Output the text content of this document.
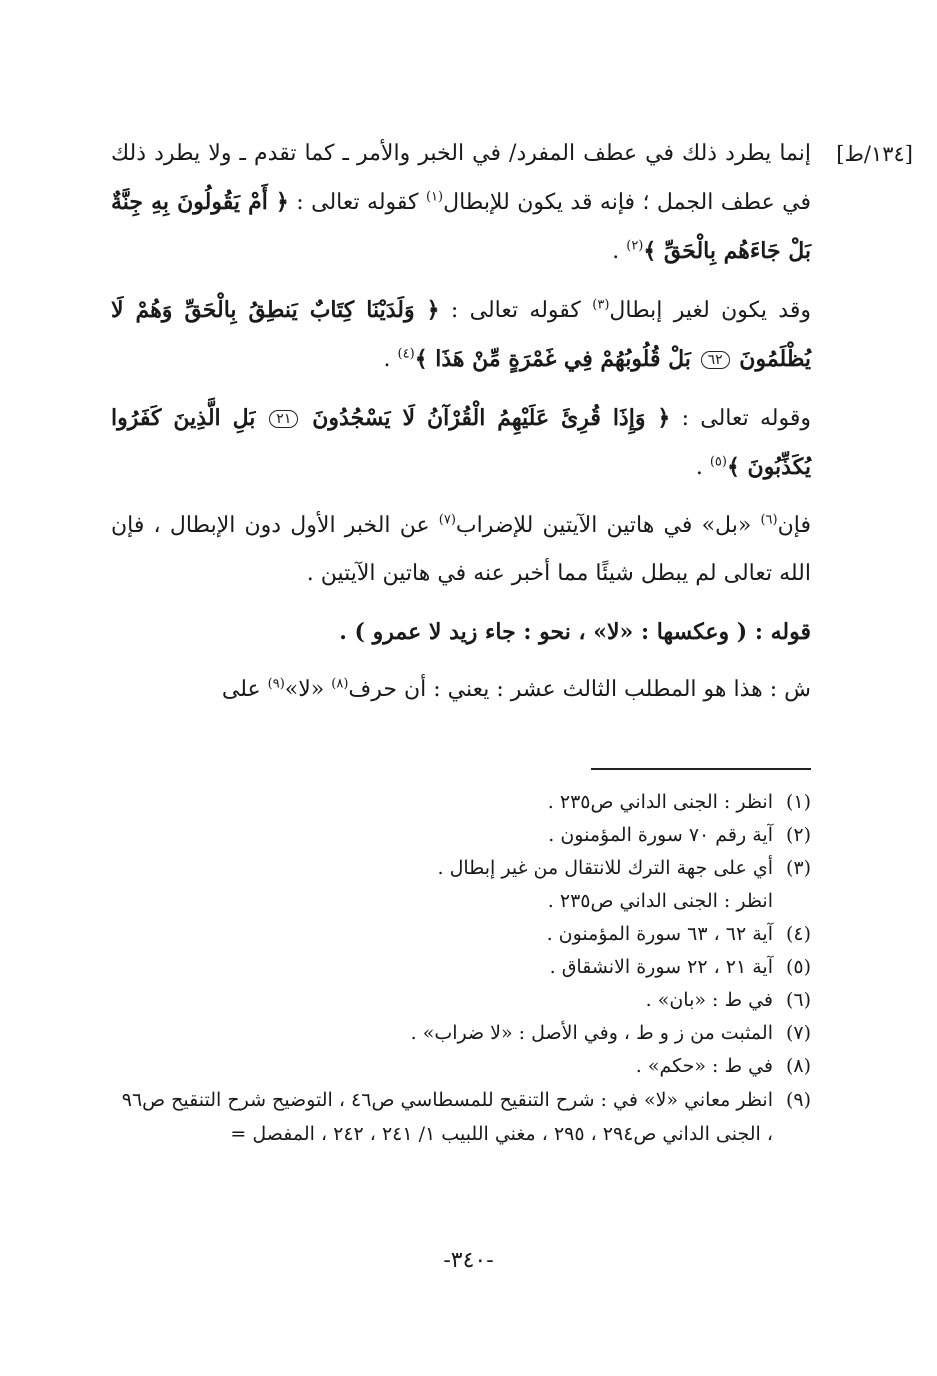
[١٣٤/ط]
إنما يطرد ذلك في عطف المفرد/ في الخبر والأمر ـ كما تقدم ـ ولا يطرد ذلك في عطف الجمل ؛ فإنه قد يكون للإبطال$^{(١)}$ كقوله تعالى : ﴿ أَمْ يَقُولُونَ بِهِ جِنَّةٌ بَلْ جَاءَهُم بِالْحَقِّ ﴾$^{(٢)}$ .
وقد يكون لغير إبطال$^{(٣)}$ كقوله تعالى : ﴿ وَلَدَيْنَا كِتَابٌ يَنطِقُ بِالْحَقِّ وَهُمْ لَا يُظْلَمُونَ ٦٢ بَلْ قُلُوبُهُمْ فِي غَمْرَةٍ مِّنْ هَذَا ﴾$^{(٤)}$ .
وقوله تعالى : ﴿ وَإِذَا قُرِئَ عَلَيْهِمُ الْقُرْآنُ لَا يَسْجُدُونَ ٢١ بَلِ الَّذِينَ كَفَرُوا يُكَذِّبُونَ ﴾$^{(٥)}$ .
فإن$^{(٦)}$ «بل» في هاتين الآيتين للإضراب$^{(٧)}$ عن الخبر الأول دون الإبطال ، فإن الله تعالى لم يبطل شيئًا مما أخبر عنه في هاتين الآيتين .
قوله : ( وعكسها : «لا» ، نحو : جاء زيد لا عمرو ) .
ش : هذا هو المطلب الثالث عشر : يعني : أن حرف$^{(٨)}$ «لا»$^{(٩)}$ على
(١)
انظر : الجنى الداني ص٢٣٥ .
(٢)
آية رقم ٧٠ سورة المؤمنون .
(٣)
أي على جهة الترك للانتقال من غير إبطال .
انظر : الجنى الداني ص٢٣٥ .
(٤)
آية ٦٢ ، ٦٣ سورة المؤمنون .
(٥)
آية ٢١ ، ٢٢ سورة الانشقاق .
(٦)
في ط : «بان» .
(٧)
المثبت من ز و ط ، وفي الأصل : «لا ضراب» .
(٨)
في ط : «حكم» .
(٩)
انظر معاني «لا» في : شرح التنقيح للمسطاسي ص٤٦ ، التوضيح شرح التنقيح ص٩٦ ، الجنى الداني ص٢٩٤ ، ٢٩٥ ، مغني اللبيب ١/ ٢٤١ ، ٢٤٢ ، المفصل =
-٣٤٠-
